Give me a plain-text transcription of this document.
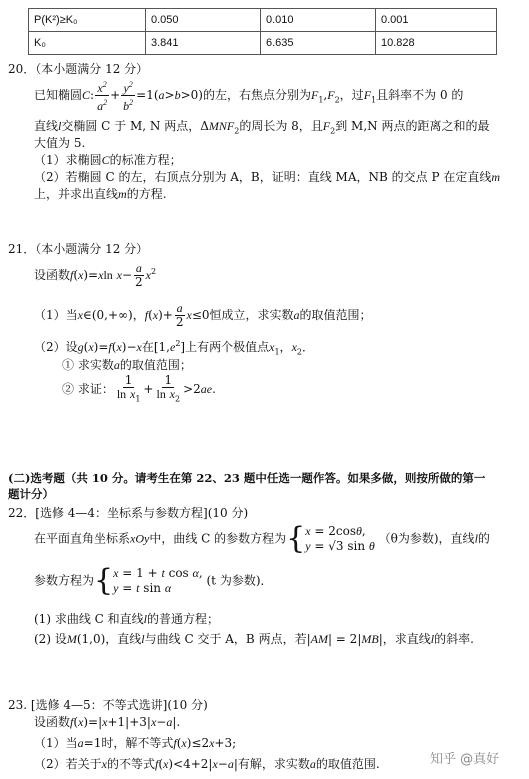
P(K²)≥K₀	0.050	0.010	0.001
K₀	3.841	6.635	10.828
20．（本小题满分 12 分）
已知椭圆C: $\frac{x^2}{a^2} + \frac{y^2}{b^2} =1(a>b>0)$的左，右焦点分别为$F_1,F_2$，过$F_1$且斜率不为 0 的
直线l交椭圆 C 于 M, N 两点，$\Delta MNF_2$的周长为 8，且$F_2$到 M,N 两点的距离之和的最
大值为 5.
（1）求椭圆C的标准方程；
（2）若椭圆 C 的左，右顶点分别为 A，B，证明：直线 MA，NB 的交点 P 在定直线m
上，并求出直线m的方程.
21．（本小题满分 12 分）
设函数f(x)=xln $x- \frac{a}{2} x^2$
（1）当x∈(0,+∞)，$f(x)+ \frac{a}{2} x\le 0$恒成立，求实数a的取值范围；
（2）设g(x)=f(x)−x在$[1,e^2]$上有两个极值点$x_1$，$x_2$．
① 求实数a的取值范围；
② 求证： $\frac{1}{\ln x_1} + \frac{1}{\ln x_2} >2ae$.
(二)选考题（共 10 分。请考生在第 22、23 题中任选一题作答。如果多做，则按所做的第一
题计分）
22．[选修 4—4：坐标系与参数方程](10 分)
在平面直角坐标系xOy中，曲线 C 的参数方程为{ x = 2cosθ,
y = √3 sin θ
（θ为参数)，直线l的
参数方程为{ x = 1 + t cos α,
y = t sin α
(t 为参数)．
(1) 求曲线 C 和直线l的普通方程；
(2) 设M(1,0)，直线l与曲线 C 交于 A，B 两点，若|AM| = 2|MB|，求直线l的斜率.
23. [选修 4—5：不等式选讲](10 分)
设函数f(x)=|x+1|+3|x−a|.
（1）当a=1时，解不等式f(x)≤2x+3;
（2）若关于x的不等式f(x)<4+2|x−a|有解，求实数a的取值范围.	知乎 @真好
